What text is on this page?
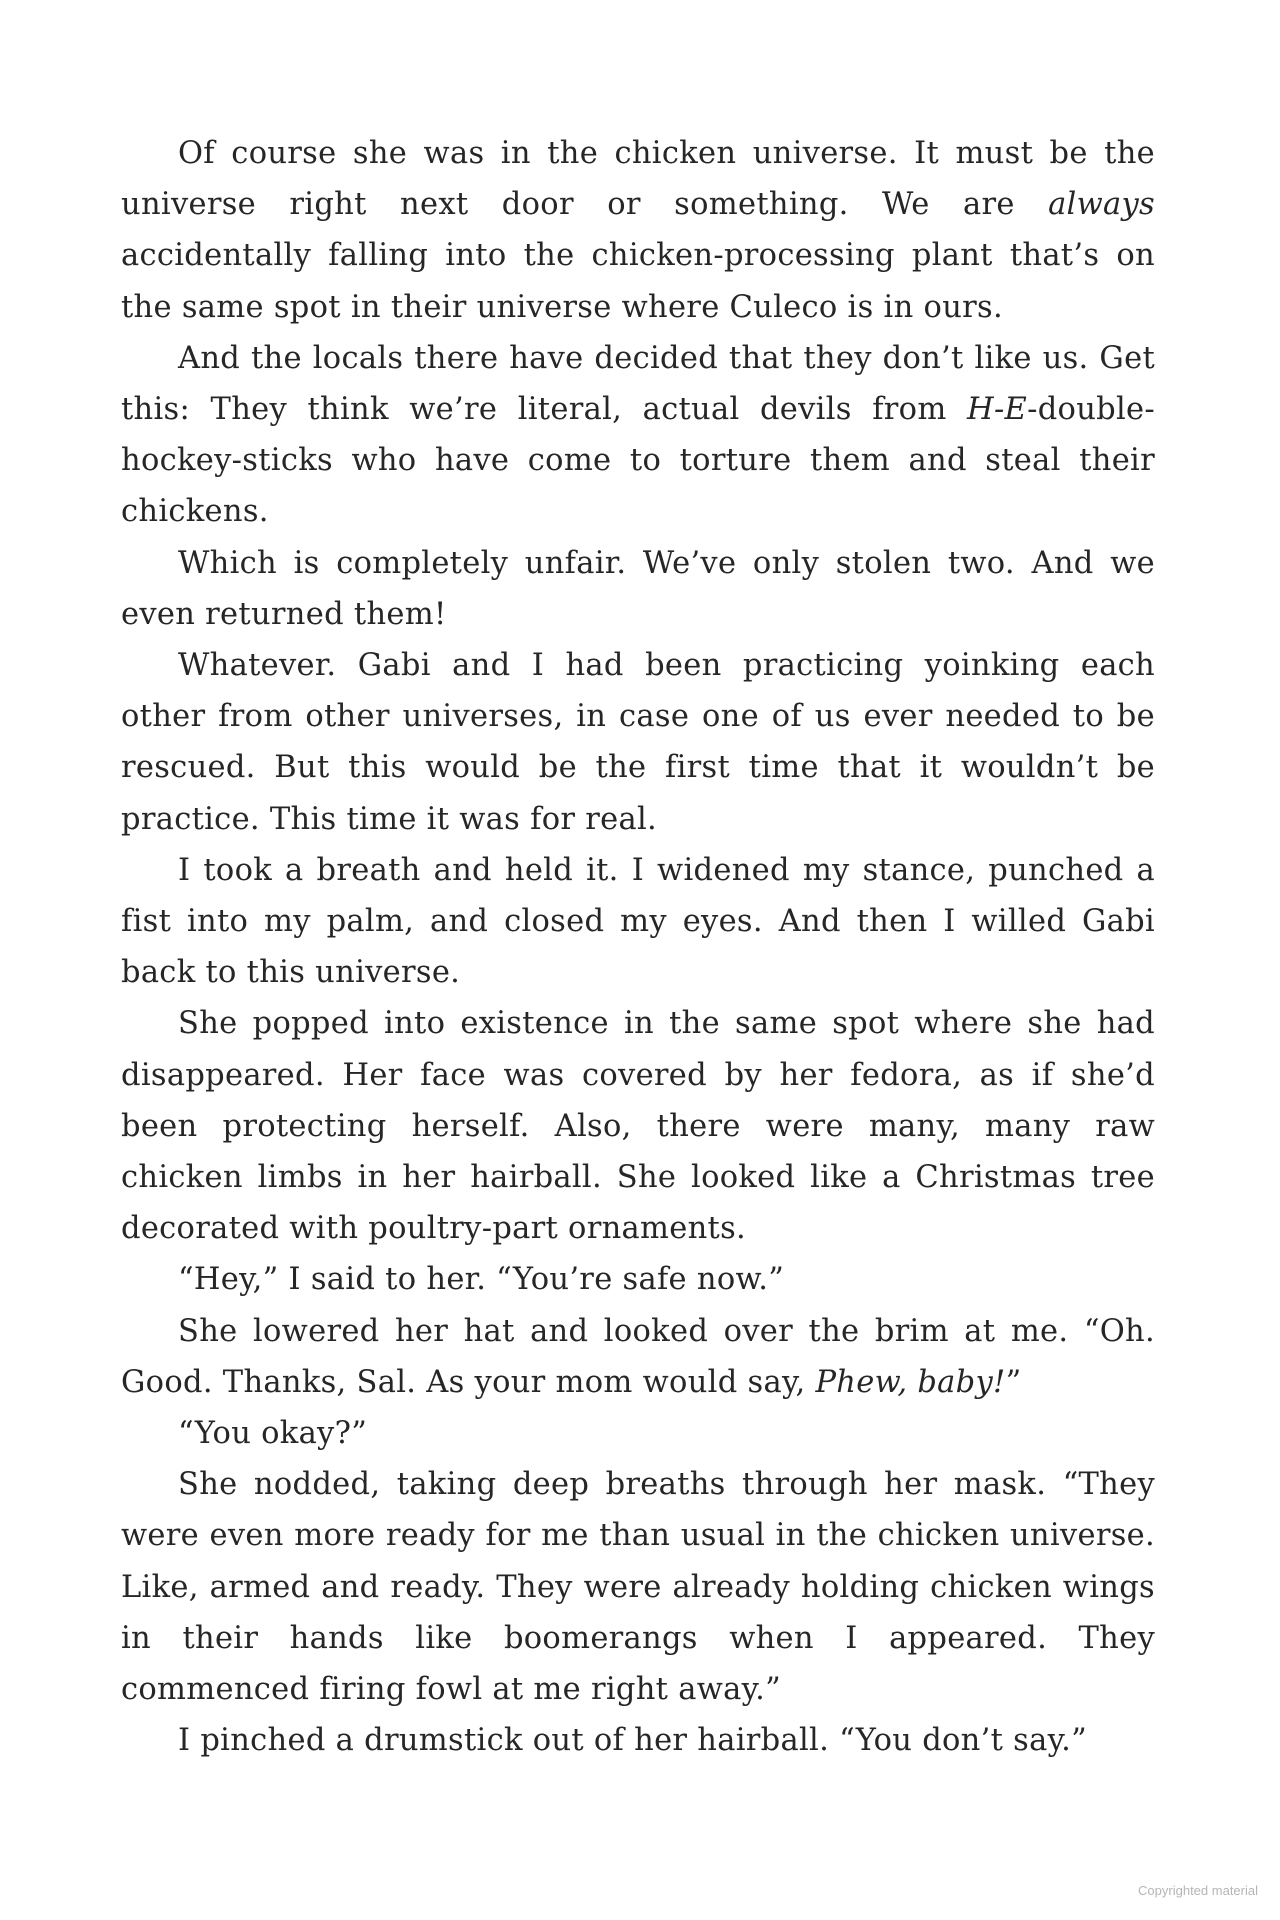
Of course she was in the chicken universe. It must be the universe right next door or something. We are always accidentally falling into the chicken-processing plant that’s on the same spot in their universe where Culeco is in ours.

And the locals there have decided that they don’t like us. Get this: They think we’re literal, actual devils from H-E-double-hockey-sticks who have come to torture them and steal their chickens.

Which is completely unfair. We’ve only stolen two. And we even returned them!

Whatever. Gabi and I had been practicing yoinking each other from other universes, in case one of us ever needed to be rescued. But this would be the first time that it wouldn’t be practice. This time it was for real.

I took a breath and held it. I widened my stance, punched a fist into my palm, and closed my eyes. And then I willed Gabi back to this universe.

She popped into existence in the same spot where she had disappeared. Her face was covered by her fedora, as if she’d been protecting herself. Also, there were many, many raw chicken limbs in her hairball. She looked like a Christmas tree decorated with poultry-part ornaments.

“Hey,” I said to her. “You’re safe now.”

She lowered her hat and looked over the brim at me. “Oh. Good. Thanks, Sal. As your mom would say, Phew, baby!”

“You okay?”

She nodded, taking deep breaths through her mask. “They were even more ready for me than usual in the chicken universe. Like, armed and ready. They were already holding chicken wings in their hands like boomerangs when I appeared. They commenced firing fowl at me right away.”

I pinched a drumstick out of her hairball. “You don’t say.”

Copyrighted material
